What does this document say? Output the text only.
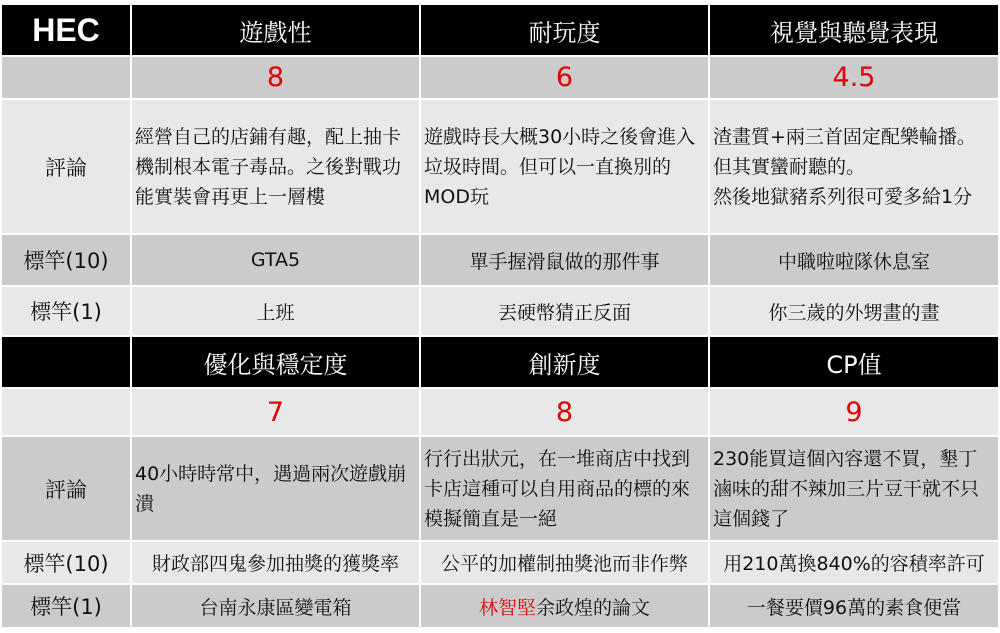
HEC	遊戲性	耐玩度	視覺與聽覺表現
	8	6	4.5
評論	經營自己的店鋪有趣，配上抽卡機制根本電子毒品。之後對戰功能實裝會再更上一層樓	遊戲時長大概30小時之後會進入垃圾時間。但可以一直換別的MOD玩	渣畫質+兩三首固定配樂輪播。
但其實蠻耐聽的。
然後地獄豬系列很可愛多給1分
標竿(10)	GTA5	單手握滑鼠做的那件事	中職啦啦隊休息室
標竿(1)	上班	丟硬幣猜正反面	你三歲的外甥畫的畫
	優化與穩定度	創新度	CP值
	7	8	9
評論	40小時時常中，遇過兩次遊戲崩潰	行行出狀元，在一堆商店中找到卡店這種可以自用商品的標的來模擬簡直是一絕	230能買這個內容還不買，墾丁滷味的甜不辣加三片豆干就不只這個錢了
標竿(10)	財政部四鬼參加抽獎的獲獎率	公平的加權制抽獎池而非作弊	用210萬換840%的容積率許可
標竿(1)	台南永康區變電箱	林智堅余政煌的論文	一餐要價96萬的素食便當
